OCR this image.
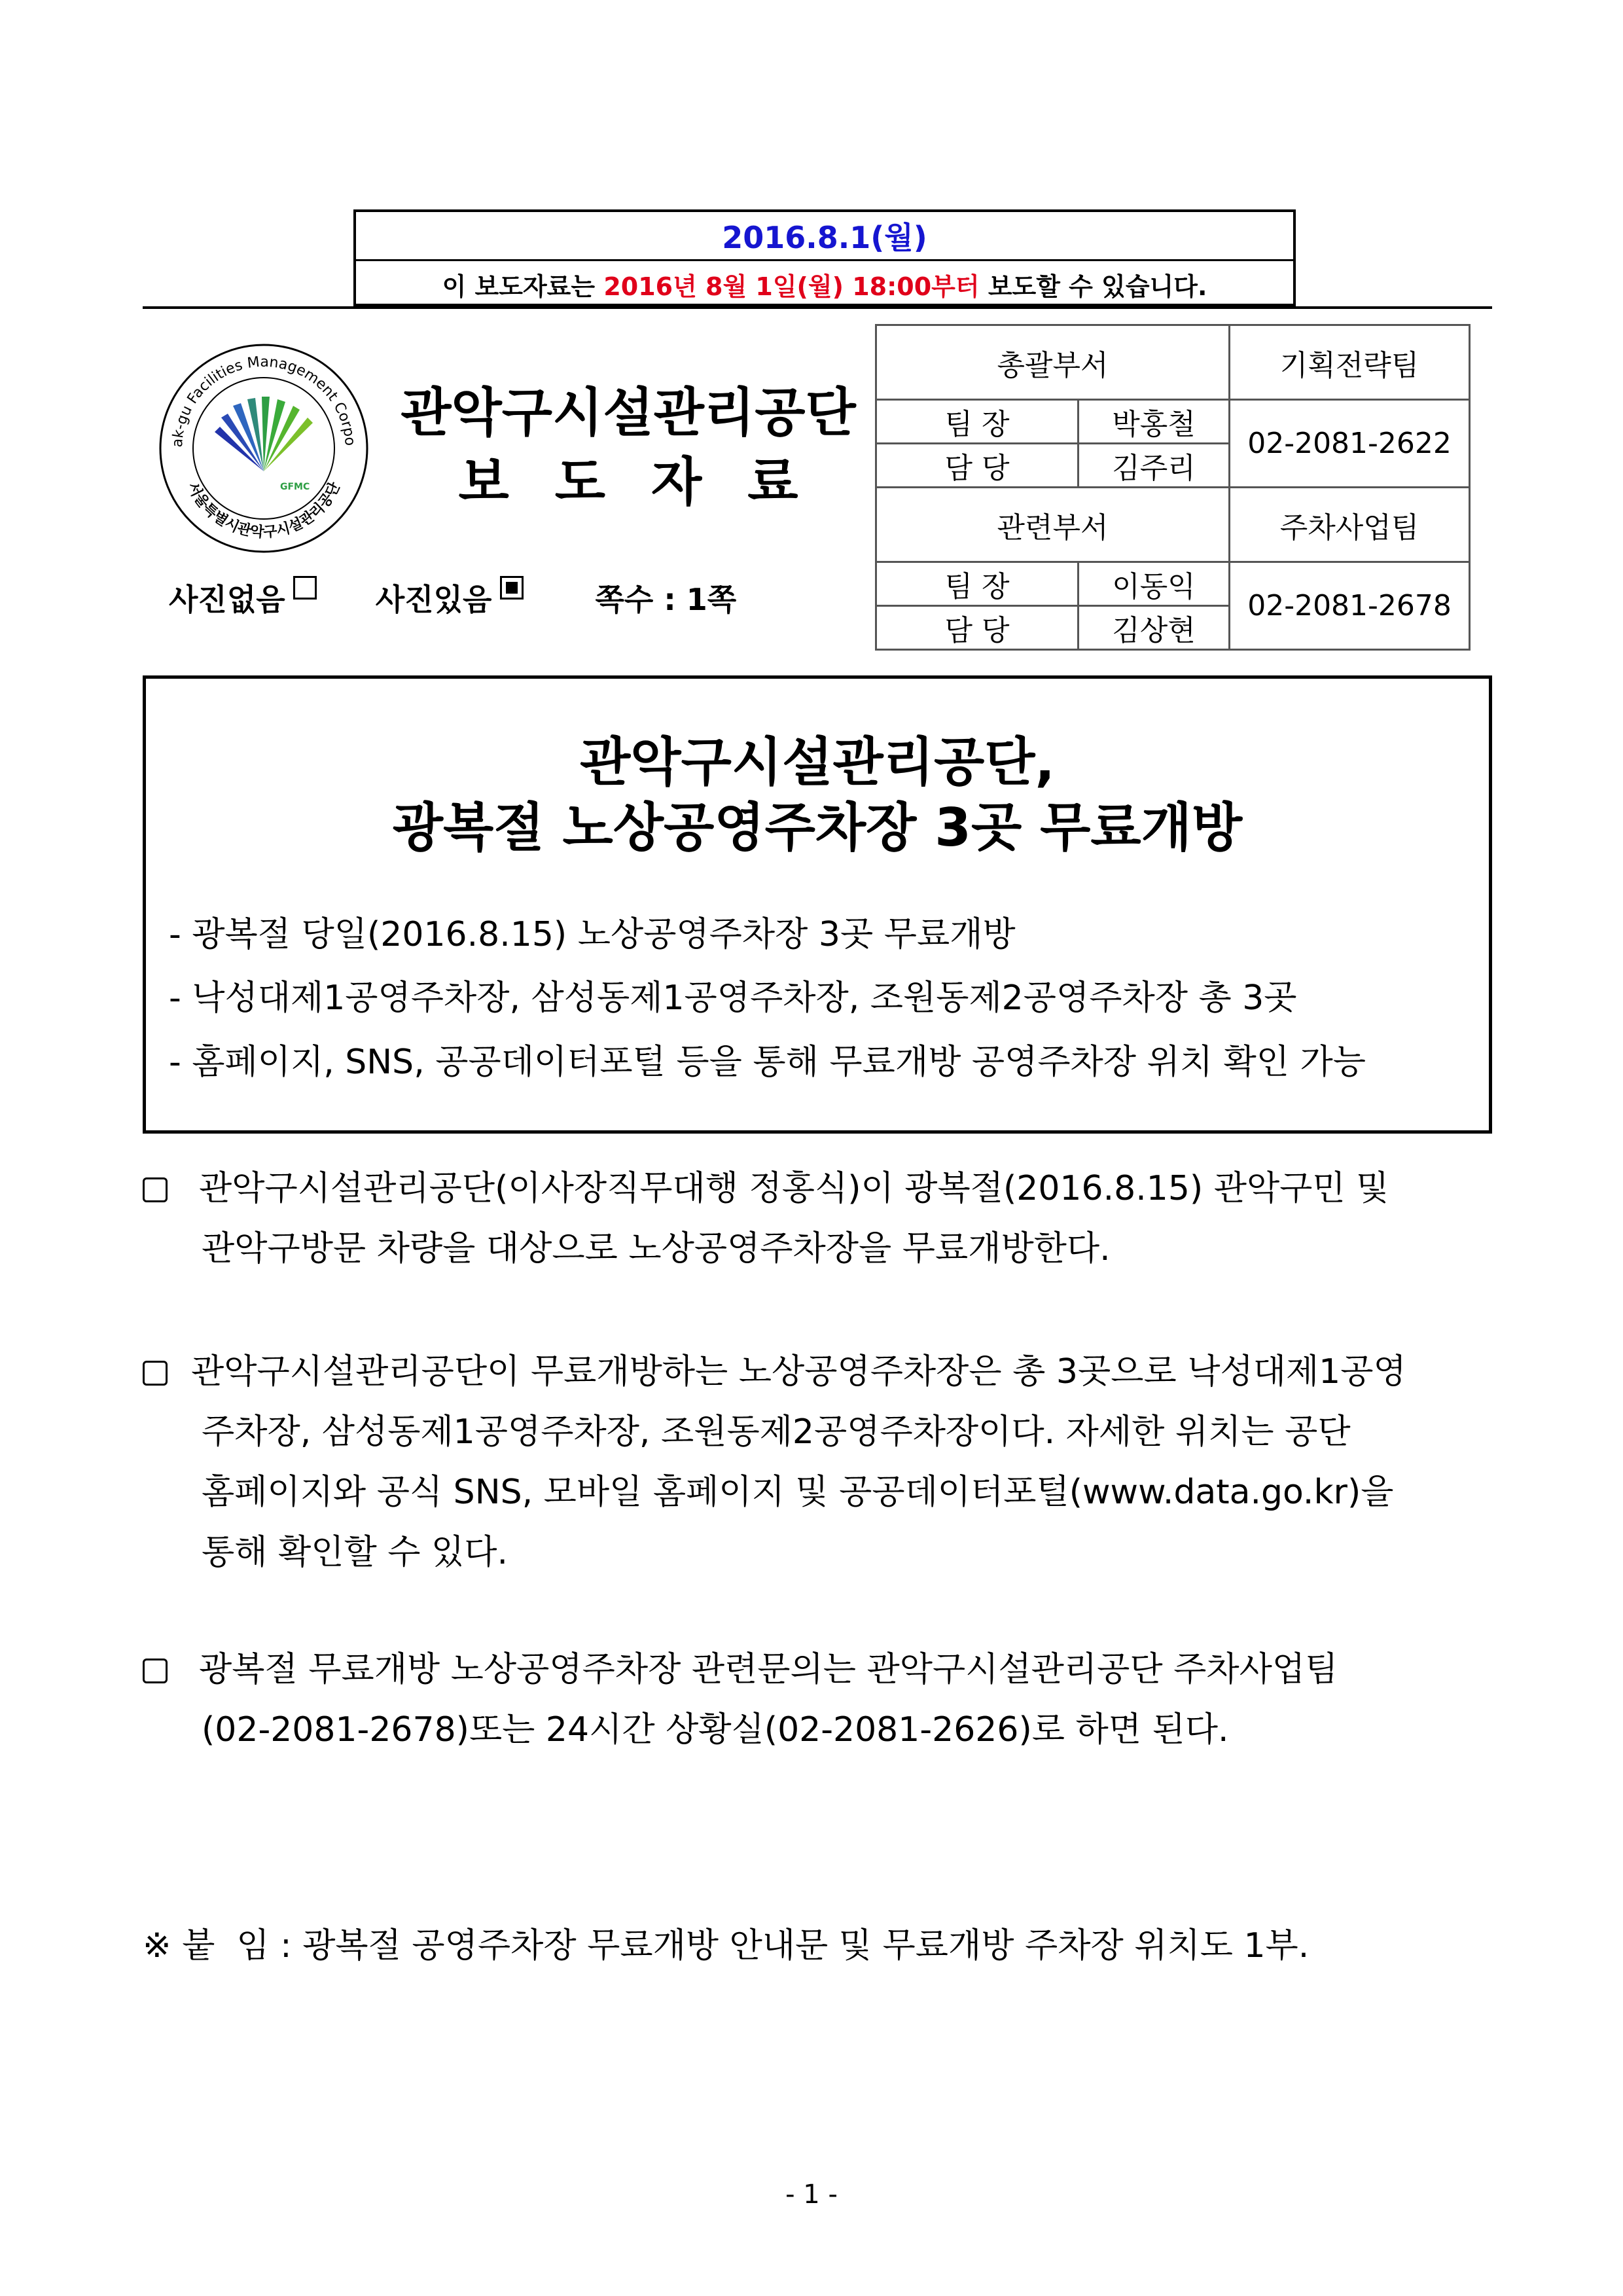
2016.8.1(월)
이 보도자료는 2016년 8월 1일(월) 18:00부터 보도할 수 있습니다.
ak-gu Facilities Management Corpo
서울특별시관악구시설관리공단
GFMC
관악구시설관리공단
보도자료
사진없음	사진있음	쪽수 : 1쪽
총괄부서		기획전략팀
팀 장	박홍철	02-2081-2622
담 당	김주리	
관련부서		주차사업팀
팀 장	이동익	02-2081-2678
담 당	김상현	
관악구시설관리공단,
광복절 노상공영주차장 3곳 무료개방
- 광복절 당일(2016.8.15) 노상공영주차장 3곳 무료개방
- 낙성대제1공영주차장, 삼성동제1공영주차장, 조원동제2공영주차장 총 3곳
- 홈페이지, SNS, 공공데이터포털 등을 통해 무료개방 공영주차장 위치 확인 가능
관악구시설관리공단(이사장직무대행 정홍식)이 광복절(2016.8.15) 관악구민 및
관악구방문 차량을 대상으로 노상공영주차장을 무료개방한다.
관악구시설관리공단이 무료개방하는 노상공영주차장은 총 3곳으로 낙성대제1공영
주차장, 삼성동제1공영주차장, 조원동제2공영주차장이다. 자세한 위치는 공단
홈페이지와 공식 SNS, 모바일 홈페이지 및 공공데이터포털(www.data.go.kr)을
통해 확인할 수 있다.
광복절 무료개방 노상공영주차장 관련문의는 관악구시설관리공단 주차사업팀
(02-2081-2678)또는 24시간 상황실(02-2081-2626)로 하면 된다.
※ 붙  임 : 광복절 공영주차장 무료개방 안내문 및 무료개방 주차장 위치도 1부.
- 1 -
